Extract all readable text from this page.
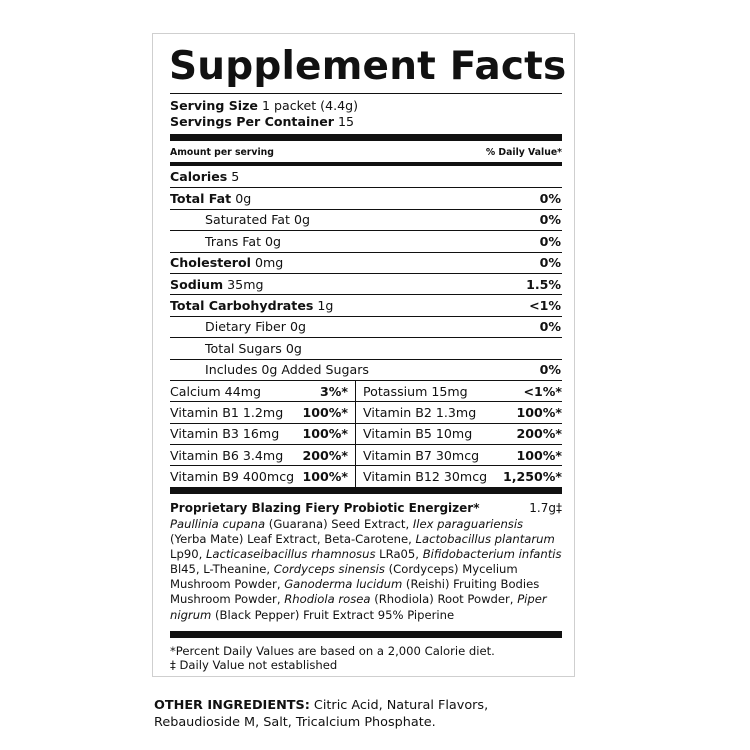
Supplement Facts
Serving Size 1 packet (4.4g)
Servings Per Container 15
Amount per serving	% Daily Value*
Calories 5
Total Fat 0g	0%
Saturated Fat 0g	0%
Trans Fat 0g	0%
Cholesterol 0mg	0%
Sodium 35mg	1.5%
Total Carbohydrates 1g	<1%
Dietary Fiber 0g	0%
Total Sugars 0g
Includes 0g Added Sugars	0%
Calcium 44mg	3%* Potassium 15mg	<1%*
Vitamin B1 1.2mg 100%* Vitamin B2 1.3mg	100%*
Vitamin B3 16mg 100%* Vitamin B5 10mg	200%*
Vitamin B6 3.4mg 200%* Vitamin B7 30mcg	100%*
Vitamin B9 400mcg 100%* Vitamin B12 30mcg 1,250%*
Proprietary Blazing Fiery Probiotic Energizer*	1.7g‡
Paullinia cupana (Guarana) Seed Extract, Ilex paraguariensis (Yerba Mate) Leaf Extract, Beta-Carotene, Lactobacillus plantarum Lp90, Lacticaseibacillus rhamnosus LRa05, Bifidobacterium infantis Bl45, L-Theanine, Cordyceps sinensis (Cordyceps) Mycelium Mushroom Powder, Ganoderma lucidum (Reishi) Fruiting Bodies Mushroom Powder, Rhodiola rosea (Rhodiola) Root Powder, Piper nigrum (Black Pepper) Fruit Extract 95% Piperine
*Percent Daily Values are based on a 2,000 Calorie diet.
‡ Daily Value not established
OTHER INGREDIENTS: Citric Acid, Natural Flavors, Rebaudioside M, Salt, Tricalcium Phosphate.
